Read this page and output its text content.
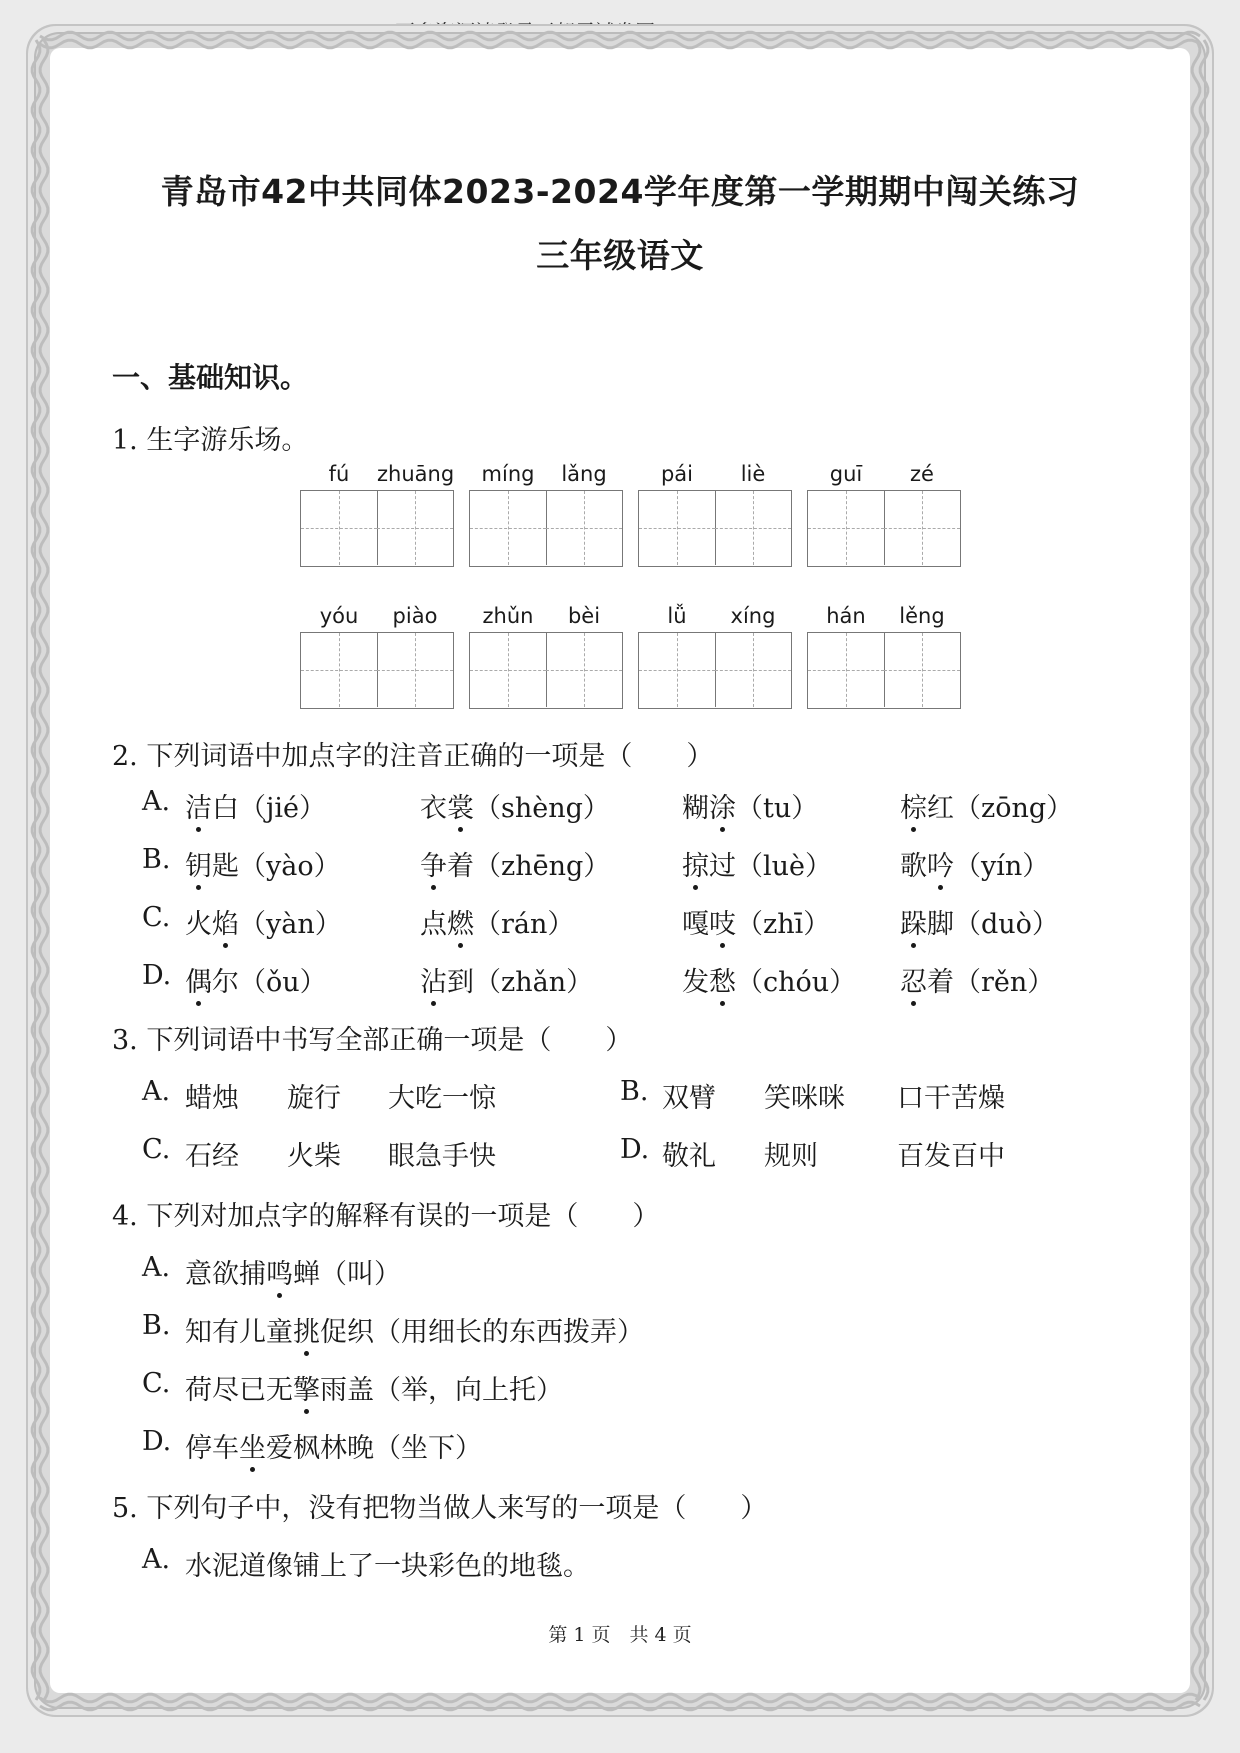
更多资源请登录王朝霞试卷网(www.wzxsjw.com)
青岛市42中共同体2023-2024学年度第一学期期中闯关练习
三年级语文
一、基础知识。
1. 生字游乐场。
fú	zhuāng	míng	lǎng	pái	liè	guī	zé
yóu	piào	zhǔn	bèi	lǚ	xíng	hán	lěng
2. 下列词语中加点字的注音正确的一项是（　　）
A. 洁白（jié）	衣裳（shèng）	糊涂（tu）	棕红（zōng）
B. 钥匙（yào）	争着（zhēng）	掠过（luè）	歌吟（yín）
C. 火焰（yàn）	点燃（rán）	嘎吱（zhī）	跺脚（duò）
D. 偶尔（ǒu）	沾到（zhǎn）	发愁（chóu） 忍着（rěn）
3. 下列词语中书写全部正确一项是（　　）
A. 蜡烛 旋行 大吃一惊	B. 双臂 笑咪咪 口干苦燥
C. 石经 火柴 眼急手快	D. 敬礼 规则	百发百中
4. 下列对加点字的解释有误的一项是（　　）
A. 意欲捕鸣蝉（叫）
B. 知有儿童挑促织（用细长的东西拨弄）
C. 荷尽已无擎雨盖（举，向上托）
D. 停车坐爱枫林晚（坐下）
5. 下列句子中，没有把物当做人来写的一项是（　　）
A. 水泥道像铺上了一块彩色的地毯。
第 1 页　共 4 页
